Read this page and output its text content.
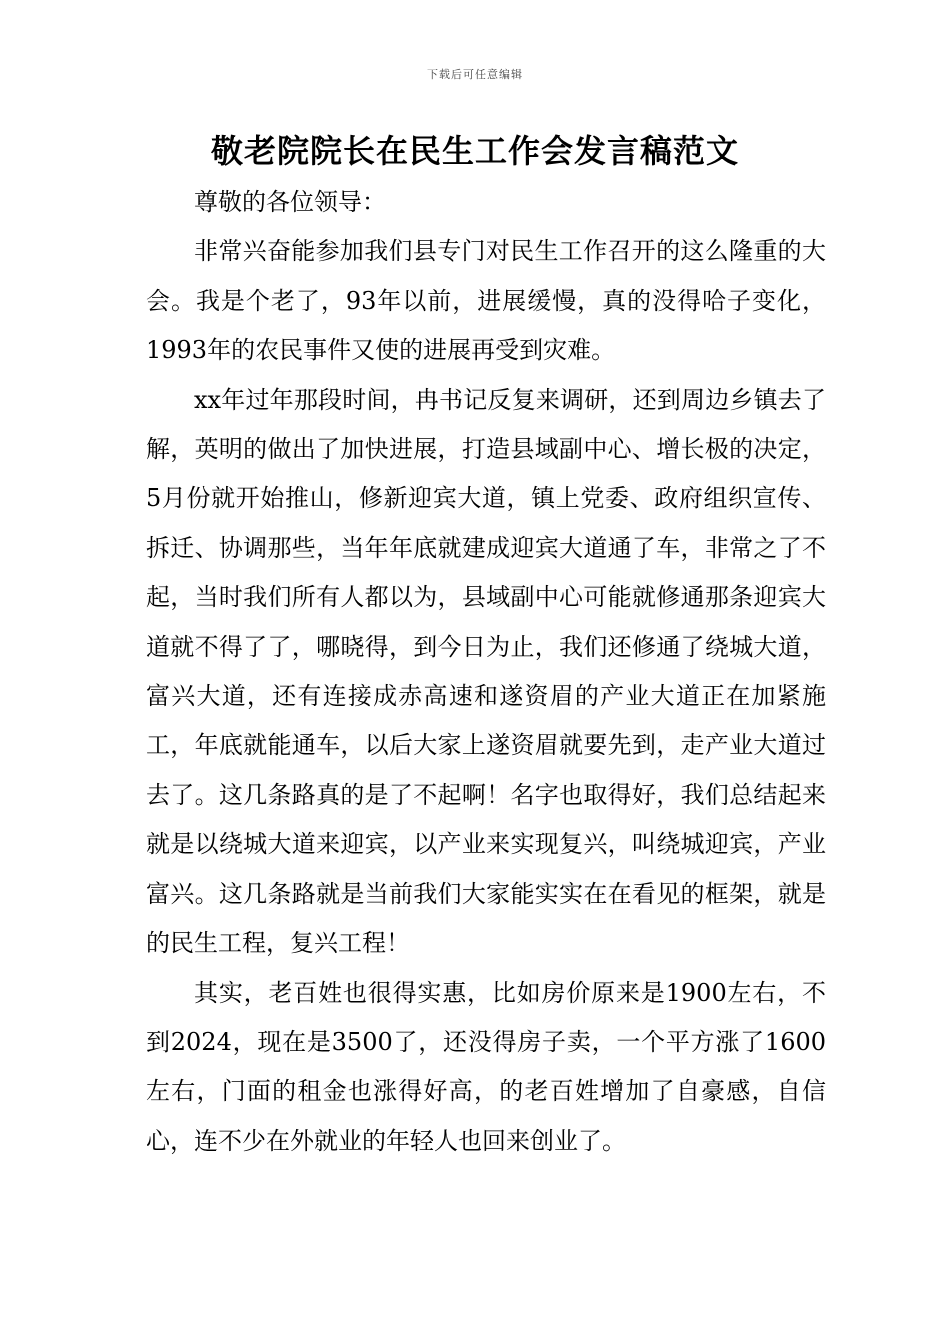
下载后可任意编辑
敬老院院长在民生工作会发言稿范文

尊敬的各位领导：

非常兴奋能参加我们县专门对民生工作召开的这么隆重的大会。我是个老了，93年以前，进展缓慢，真的没得哈子变化，1993年的农民事件又使的进展再受到灾难。

xx年过年那段时间，冉书记反复来调研，还到周边乡镇去了解，英明的做出了加快进展，打造县域副中心、增长极的决定，5月份就开始推山，修新迎宾大道，镇上党委、政府组织宣传、拆迁、协调那些，当年年底就建成迎宾大道通了车，非常之了不起，当时我们所有人都以为，县域副中心可能就修通那条迎宾大道就不得了了，哪晓得，到今日为止，我们还修通了绕城大道，富兴大道，还有连接成赤高速和遂资眉的产业大道正在加紧施工，年底就能通车，以后大家上遂资眉就要先到，走产业大道过去了。这几条路真的是了不起啊！名字也取得好，我们总结起来就是以绕城大道来迎宾，以产业来实现复兴，叫绕城迎宾，产业富兴。这几条路就是当前我们大家能实实在在看见的框架，就是的民生工程，复兴工程！

其实，老百姓也很得实惠，比如房价原来是1900左右，不到2024，现在是3500了，还没得房子卖，一个平方涨了1600左右，门面的租金也涨得好高，的老百姓增加了自豪感，自信心，连不少在外就业的年轻人也回来创业了。
